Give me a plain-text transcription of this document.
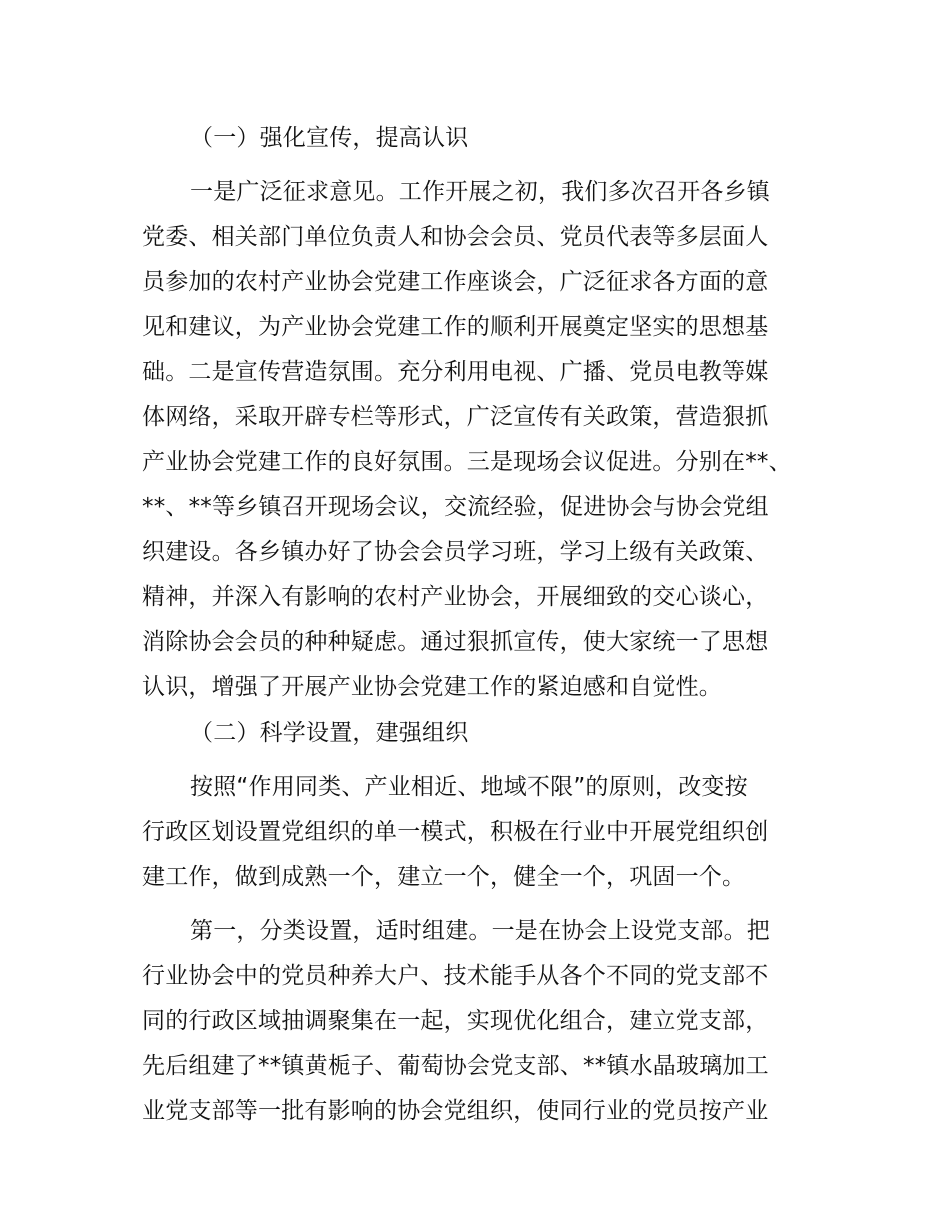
（一）强化宣传，提高认识
一是广泛征求意见。工作开展之初，我们多次召开各乡镇
党委、相关部门单位负责人和协会会员、党员代表等多层面人
员参加的农村产业协会党建工作座谈会，广泛征求各方面的意
见和建议，为产业协会党建工作的顺利开展奠定坚实的思想基
础。二是宣传营造氛围。充分利用电视、广播、党员电教等媒
体网络，采取开辟专栏等形式，广泛宣传有关政策，营造狠抓
产业协会党建工作的良好氛围。三是现场会议促进。分别在**、
**、**等乡镇召开现场会议，交流经验，促进协会与协会党组
织建设。各乡镇办好了协会会员学习班，学习上级有关政策、
精神，并深入有影响的农村产业协会，开展细致的交心谈心，
消除协会会员的种种疑虑。通过狠抓宣传，使大家统一了思想
认识，增强了开展产业协会党建工作的紧迫感和自觉性。
（二）科学设置，建强组织
按照“作用同类、产业相近、地域不限”的原则，改变按
行政区划设置党组织的单一模式，积极在行业中开展党组织创
建工作，做到成熟一个，建立一个，健全一个，巩固一个。
第一，分类设置，适时组建。一是在协会上设党支部。把
行业协会中的党员种养大户、技术能手从各个不同的党支部不
同的行政区域抽调聚集在一起，实现优化组合，建立党支部，
先后组建了**镇黄栀子、葡萄协会党支部、**镇水晶玻璃加工
业党支部等一批有影响的协会党组织，使同行业的党员按产业
